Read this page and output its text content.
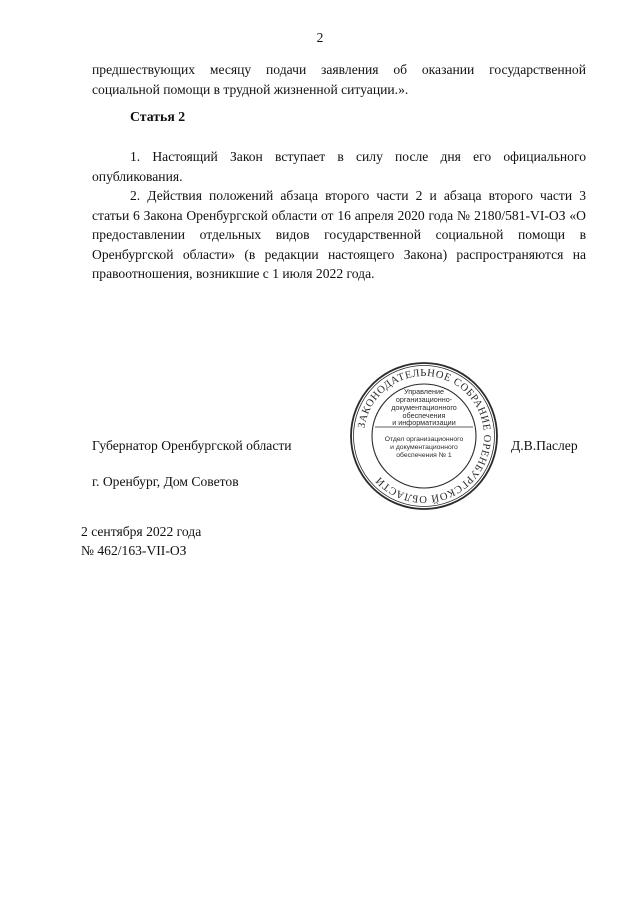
2

предшествующих месяцу подачи заявления об оказании государственной социальной помощи в трудной жизненной ситуации.».

Статья 2

1. Настоящий Закон вступает в силу после дня его официального опубликования.

2. Действия положений абзаца второго части 2 и абзаца второго части 3 статьи 6 Закона Оренбургской области от 16 апреля 2020 года № 2180/581-VI-ОЗ «О предоставлении отдельных видов государственной социальной помощи в Оренбургской области» (в редакции настоящего Закона) распространяются на правоотношения, возникшие с 1 июля 2022 года.

Губернатор Оренбургской области	Д.В.Паслер
г. Оренбург, Дом Советов
2 сентября 2022 года
№ 462/163-VII-ОЗ
ЗАКОНОДАТЕЛЬНОЕ СОБРАНИЕ ОРЕНБУРГСКОЙ ОБЛАСТИ
Управление
организационно-
документационного
обеспечения
и информатизации
Отдел организационного
и документационного
обеспечения № 1
